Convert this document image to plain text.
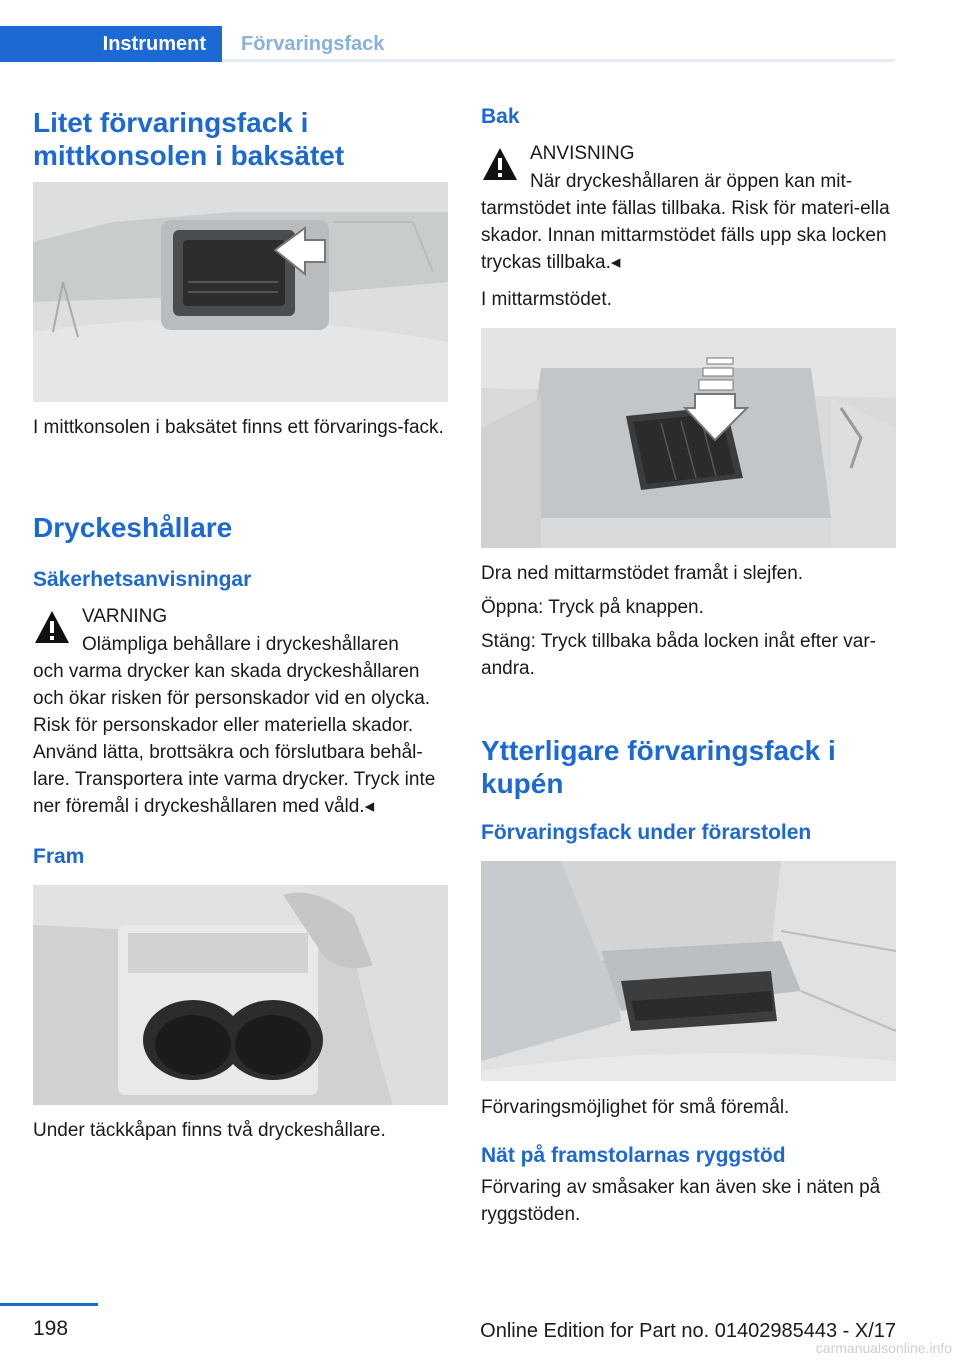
Instrument	Förvaringsfack
Litet förvaringsfack i mittkonsolen i baksätet
I mittkonsolen i baksätet finns ett förvarings-fack.
Dryckeshållare
Säkerhetsanvisningar
VARNING
Olämpliga behållare i dryckeshållaren
och varma drycker kan skada dryckeshållaren och ökar risken för personskador vid en olycka. Risk för personskador eller materiella skador. Använd lätta, brottsäkra och förslutbara behål-lare. Transportera inte varma drycker. Tryck inte ner föremål i dryckeshållaren med våld.◂
Fram
Under täckkåpan finns två dryckeshållare.
Bak
ANVISNING
När dryckeshållaren är öppen kan mit-
tarmstödet inte fällas tillbaka. Risk för materi-ella skador. Innan mittarmstödet fälls upp ska locken tryckas tillbaka.◂
I mittarmstödet.
Dra ned mittarmstödet framåt i slejfen.
Öppna: Tryck på knappen.
Stäng: Tryck tillbaka båda locken inåt efter var-andra.
Ytterligare förvaringsfack i kupén
Förvaringsfack under förarstolen
Förvaringsmöjlighet för små föremål.
Nät på framstolarnas ryggstöd
Förvaring av småsaker kan även ske i näten på ryggstöden.
198	Online Edition for Part no. 01402985443 - X/17
carmanualsonline.info
